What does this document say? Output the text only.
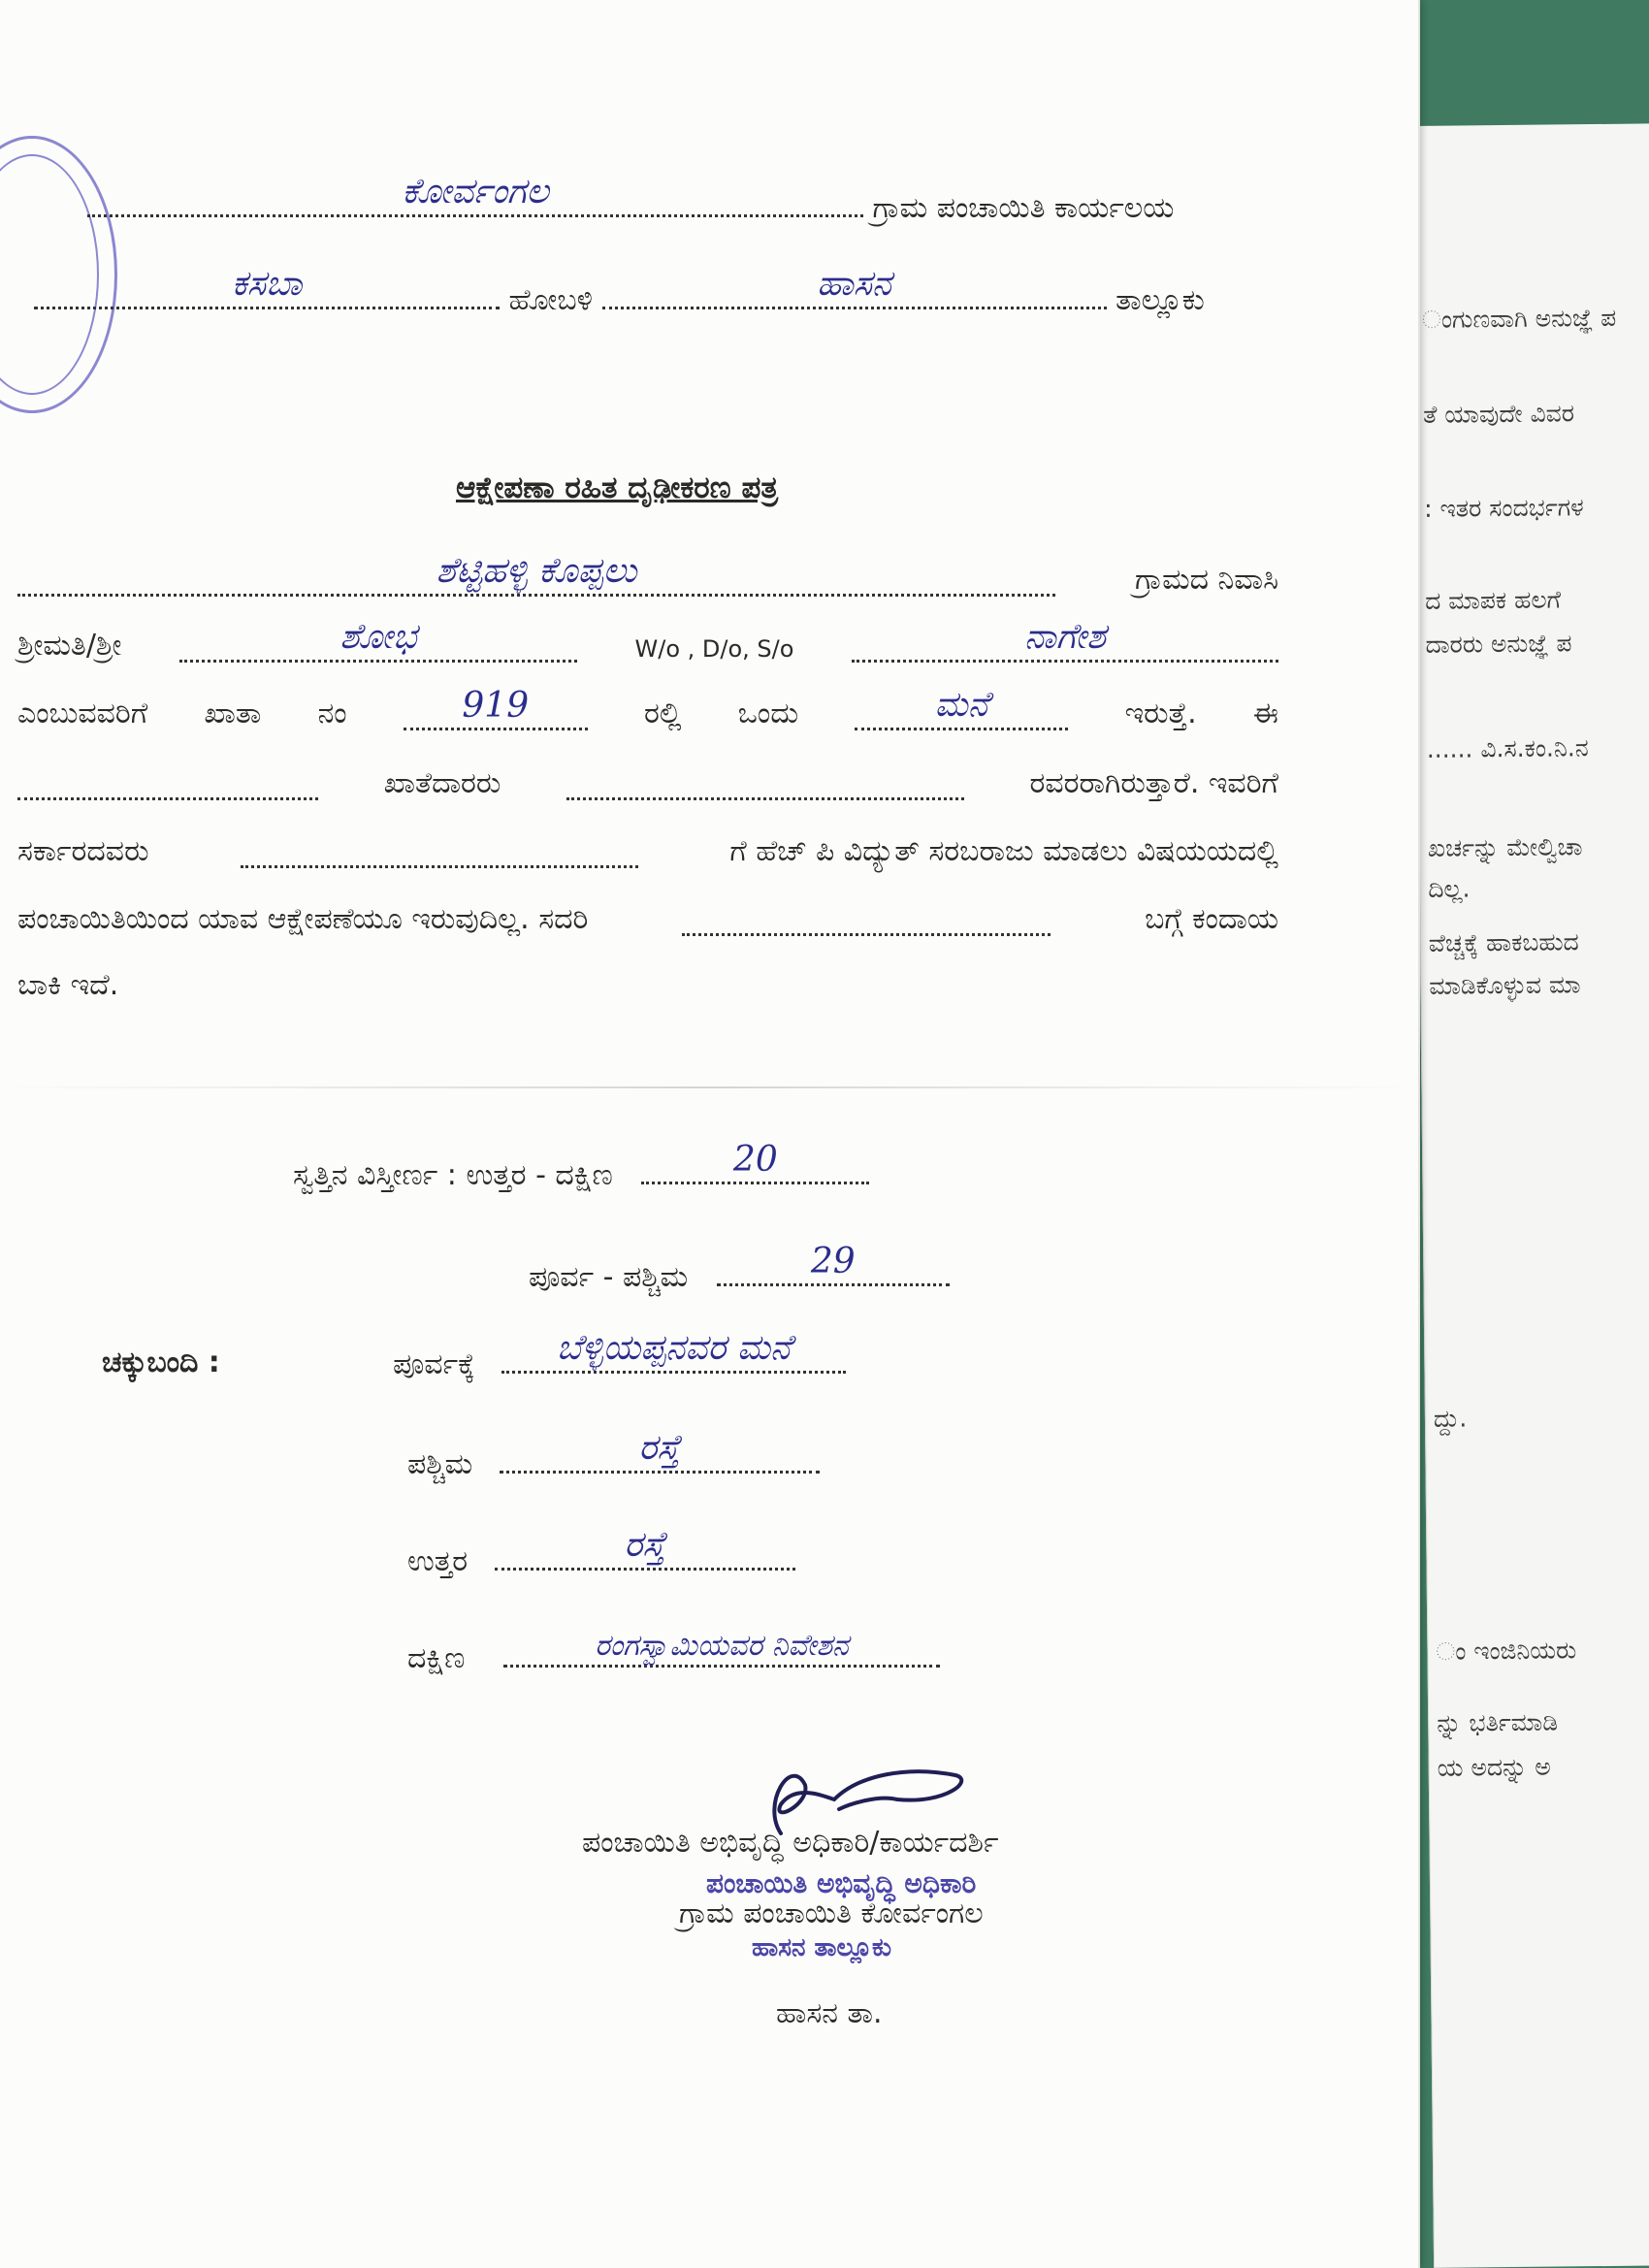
ಂಗುಣವಾಗಿ ಅನುಜ್ಞೆ ಪ
ತೆ ಯಾವುದೇ ವಿವರ
: ಇತರ ಸಂದರ್ಭಗಳ
ದ ಮಾಪಕ ಹಲಗೆ
ದಾರರು ಅನುಜ್ಞೆ ಪ
...... ವಿ.ಸ.ಕಂ.ನಿ.ನ
ಖರ್ಚನ್ನು ಮೇಲ್ವಿಚಾ
ದಿಲ್ಲ.
ವೆಚ್ಚಕ್ಕೆ ಹಾಕಬಹುದ
ಮಾಡಿಕೊಳ್ಳುವ ಮಾ
ದ್ದು.
ಂ ಇಂಜಿನಿಯರು
ನ್ನು ಭರ್ತಿಮಾಡಿ
ಯ ಅದನ್ನು ಅ
ಕೋರ್ವಂಗಲ	ಗ್ರಾಮ ಪಂಚಾಯಿತಿ ಕಾರ್ಯಲಯ
ಕಸಬಾ	ಹೋಬಳಿ	ಹಾಸನ	ತಾಲ್ಲೂಕು
ಆಕ್ಷೇಪಣಾ ರಹಿತ ದೃಢೀಕರಣ ಪತ್ರ
ಶೆಟ್ಟಿಹಳ್ಳಿ ಕೊಪ್ಪಲು	ಗ್ರಾಮದ ನಿವಾಸಿ
ಶ್ರೀಮತಿ/ಶ್ರೀ	ಶೋಭ	W/o , D/o, S/o	ನಾಗೇಶ
ಎಂಬುವವರಿಗೆ ಖಾತಾ ನಂ	919	ರಲ್ಲಿ ಒಂದು	ಮನೆ	ಇರುತ್ತೆ. ಈ
ಖಾತೆದಾರರು	ರವರರಾಗಿರುತ್ತಾರೆ. ಇವರಿಗೆ
ಸರ್ಕಾರದವರು	ಗೆ ಹೆಚ್ ಪಿ ವಿದ್ಯುತ್ ಸರಬರಾಜು ಮಾಡಲು ವಿಷಯಯದಲ್ಲಿ
ಪಂಚಾಯಿತಿಯಿಂದ ಯಾವ ಆಕ್ಷೇಪಣೆಯೂ ಇರುವುದಿಲ್ಲ. ಸದರಿ	ಬಗ್ಗೆ ಕಂದಾಯ
ಬಾಕಿ ಇದೆ.
ಸ್ವತ್ತಿನ ವಿಸ್ತೀರ್ಣ : ಉತ್ತರ - ದಕ್ಷಿಣ	20
ಪೂರ್ವ - ಪಶ್ಚಿಮ	29
ಚಕ್ಕುಬಂದಿ :	ಪೂರ್ವಕ್ಕೆ	ಬೆಳ್ಳಿಯಪ್ಪನವರ ಮನೆ
ಪಶ್ಚಿಮ	ರಸ್ತೆ
ಉತ್ತರ	ರಸ್ತೆ
ದಕ್ಷಿಣ	ರಂಗಸ್ವಾಮಿಯವರ ನಿವೇಶನ
ಪಂಚಾಯಿತಿ ಅಭಿವೃದ್ಧಿ ಅಧಿಕಾರಿ/ಕಾರ್ಯದರ್ಶಿ
ಪಂಚಾಯಿತಿ ಅಭಿವೃದ್ಧಿ ಅಧಿಕಾರಿ
ಗ್ರಾಮ ಪಂಚಾಯಿತಿ ಕೋರ್ವಂಗಲ
ಹಾಸನ ತಾಲ್ಲೂಕು
ಹಾಸನ ತಾ.
